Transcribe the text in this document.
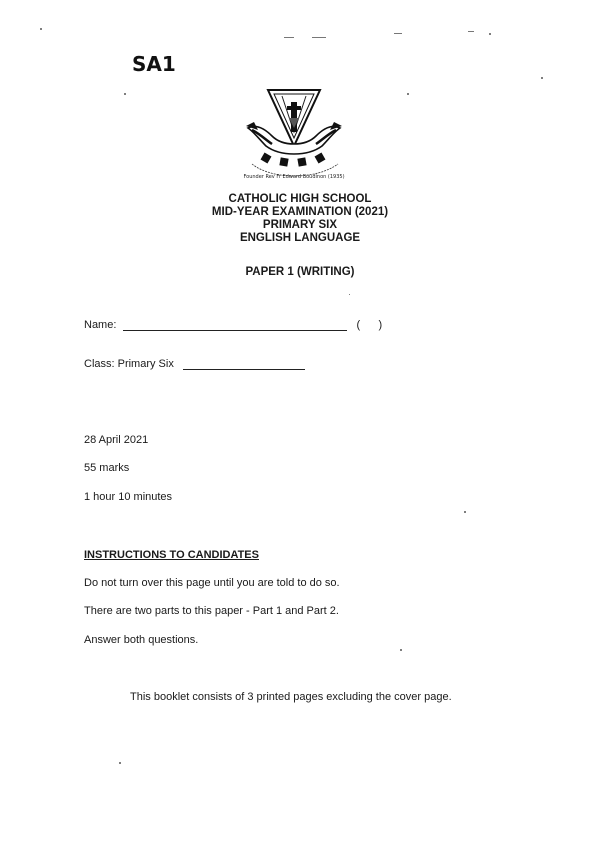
SA1
Founder Rev Fr Edward Boudinon (1935)
CATHOLIC HIGH SCHOOL
MID-YEAR EXAMINATION (2021)
PRIMARY SIX
ENGLISH LANGUAGE
PAPER 1 (WRITING)
Name:	(      )
Class: Primary Six
28 April 2021
55 marks
1 hour 10 minutes
INSTRUCTIONS TO CANDIDATES
Do not turn over this page until you are told to do so.
There are two parts to this paper - Part 1 and Part 2.
Answer both questions.
This booklet consists of 3 printed pages excluding the cover page.
